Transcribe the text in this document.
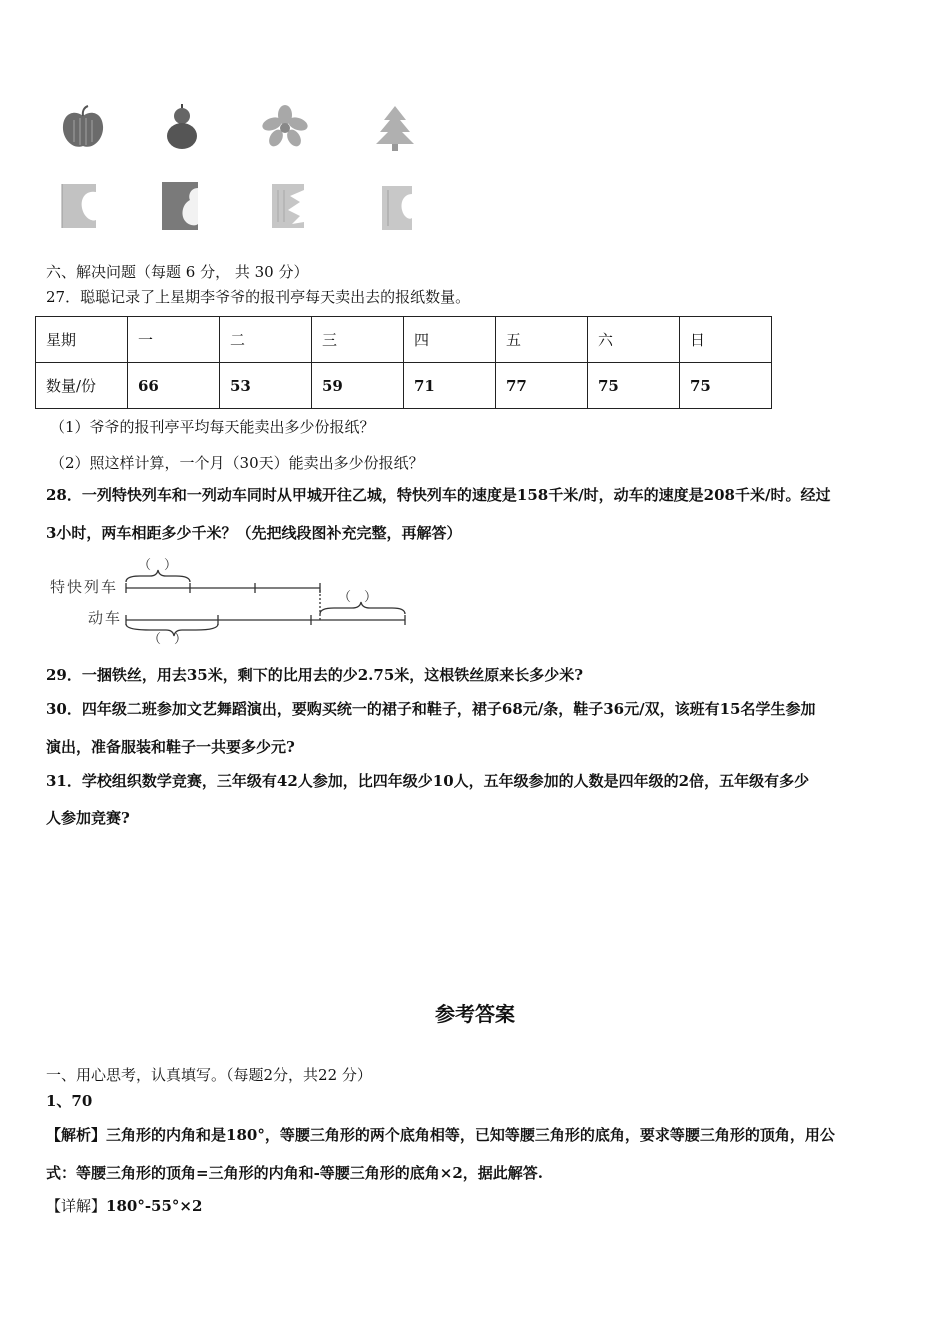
六、解决问题（每题 6 分， 共 30 分）
27．聪聪记录了上星期李爷爷的报刊亭每天卖出去的报纸数量。
星期	一	二	三	四	五	六	日
数量/份	66	53	59	71	77	75	75
（1）爷爷的报刊亭平均每天能卖出多少份报纸？
（2）照这样计算，一个月（30天）能卖出多少份报纸？
28．一列特快列车和一列动车同时从甲城开往乙城，特快列车的速度是158千米/时，动车的速度是208千米/时。经过
3小时，两车相距多少千米？（先把线段图补充完整，再解答）
特快列车
动车
（　）
（　）
（　）
29．一捆铁丝，用去35米，剩下的比用去的少2.75米，这根铁丝原来长多少米?
30．四年级二班参加文艺舞蹈演出，要购买统一的裙子和鞋子，裙子68元/条，鞋子36元/双，该班有15名学生参加
演出，准备服装和鞋子一共要多少元?
31．学校组织数学竞赛，三年级有42人参加，比四年级少10人，五年级参加的人数是四年级的2倍，五年级有多少
人参加竞赛?
参考答案
一、用心思考，认真填写。（每题2分，共22 分）
1、70
【解析】三角形的内角和是180°，等腰三角形的两个底角相等，已知等腰三角形的底角，要求等腰三角形的顶角，用公
式：等腰三角形的顶角=三角形的内角和-等腰三角形的底角×2，据此解答.
【详解】180°-55°×2
